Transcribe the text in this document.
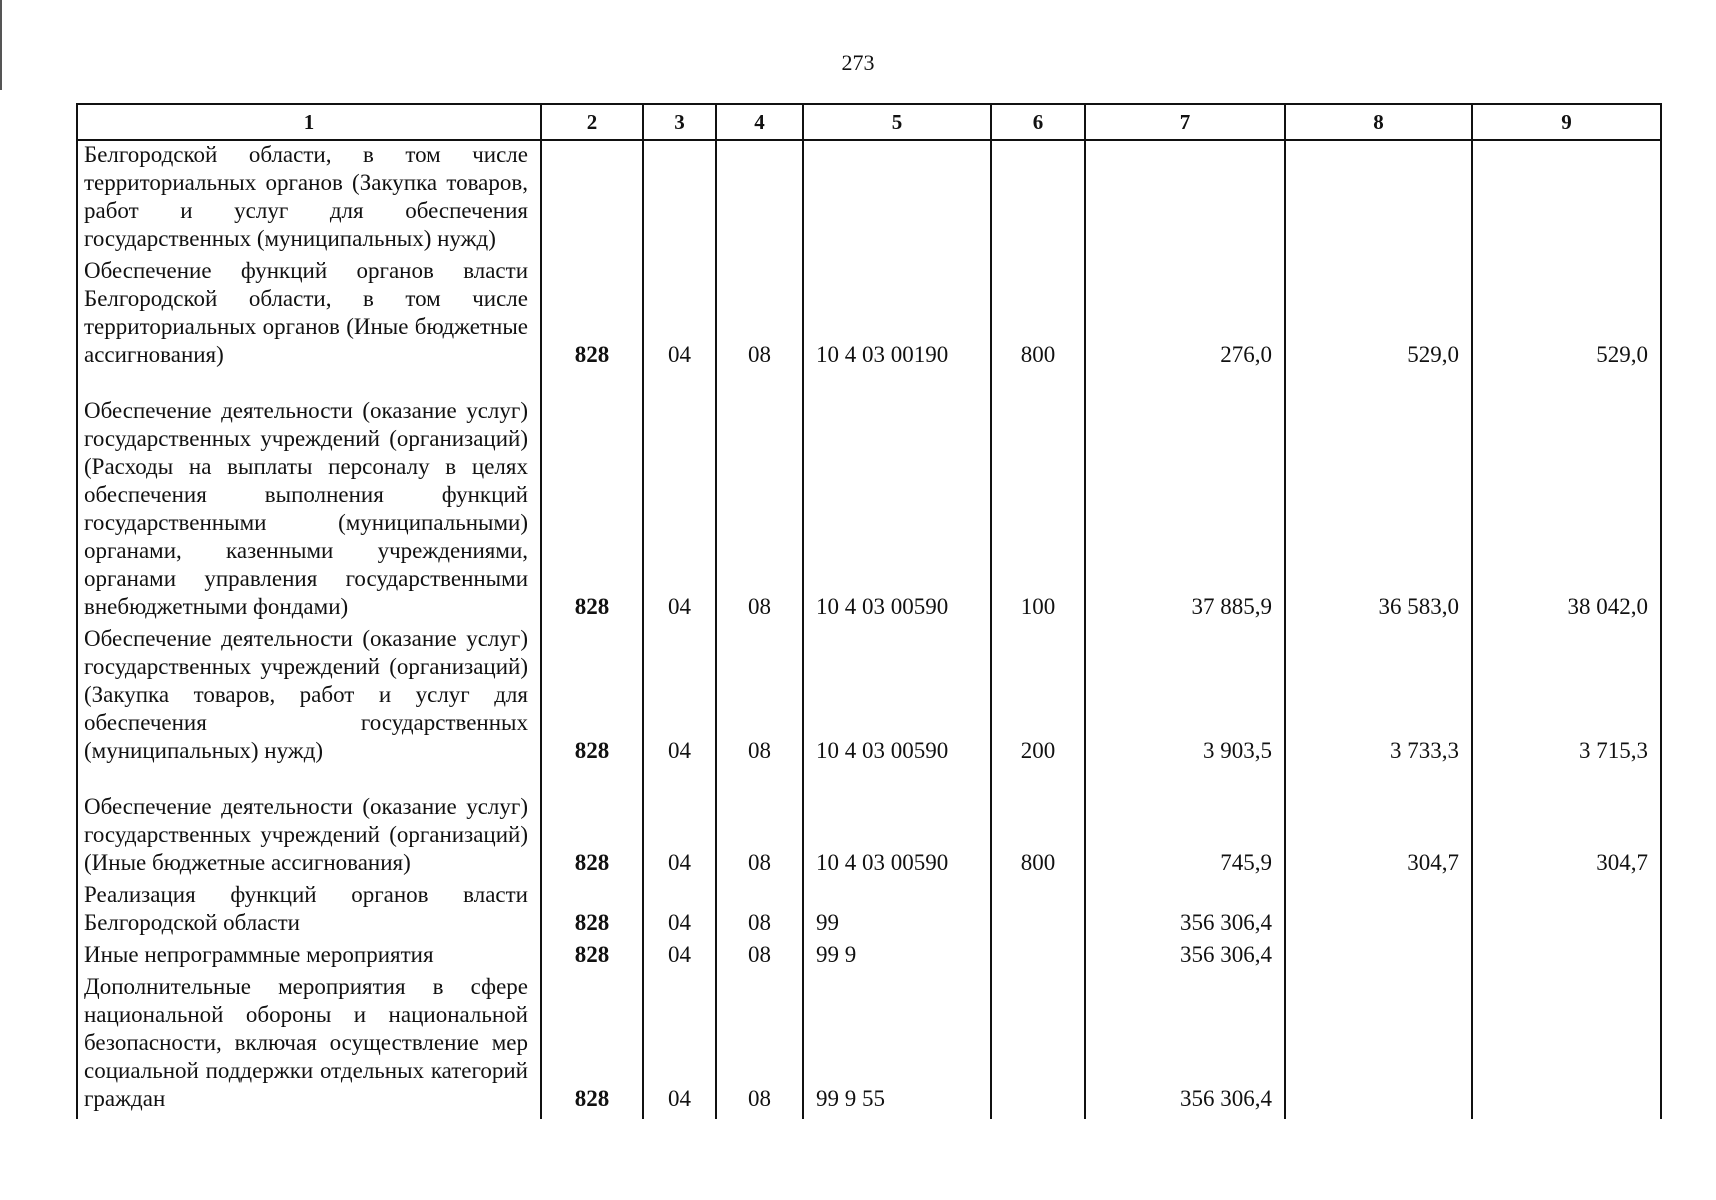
273
1	2	3	4	5	6	7	8	9
Белгородской области, в том числе территориальных органов (Закупка товаров, работ и услуг для обеспечения государственных (муниципальных) нужд)								
Обеспечение функций органов власти Белгородской области, в том числе территориальных органов (Иные бюджетные ассигнования)	828	04	08	10 4 03 00190	800	276,0	529,0	529,0
Обеспечение деятельности (оказание услуг) государственных учреждений (организаций) (Расходы на выплаты персоналу в целях обеспечения выполнения функций государственными (муниципальными) органами, казенными учреждениями, органами управления государственными внебюджетными фондами)	828	04	08	10 4 03 00590	100	37 885,9	36 583,0	38 042,0
Обеспечение деятельности (оказание услуг) государственных учреждений (организаций) (Закупка товаров, работ и услуг для обеспечения государственных (муниципальных) нужд)	828	04	08	10 4 03 00590	200	3 903,5	3 733,3	3 715,3
Обеспечение деятельности (оказание услуг) государственных учреждений (организаций) (Иные бюджетные ассигнования)	828	04	08	10 4 03 00590	800	745,9	304,7	304,7
Реализация функций органов власти Белгородской области	828	04	08	99		356 306,4		
Иные непрограммные мероприятия	828	04	08	99 9		356 306,4		
Дополнительные мероприятия в сфере национальной обороны и национальной безопасности, включая осуществление мер социальной поддержки отдельных категорий граждан	828	04	08	99 9 55		356 306,4		
